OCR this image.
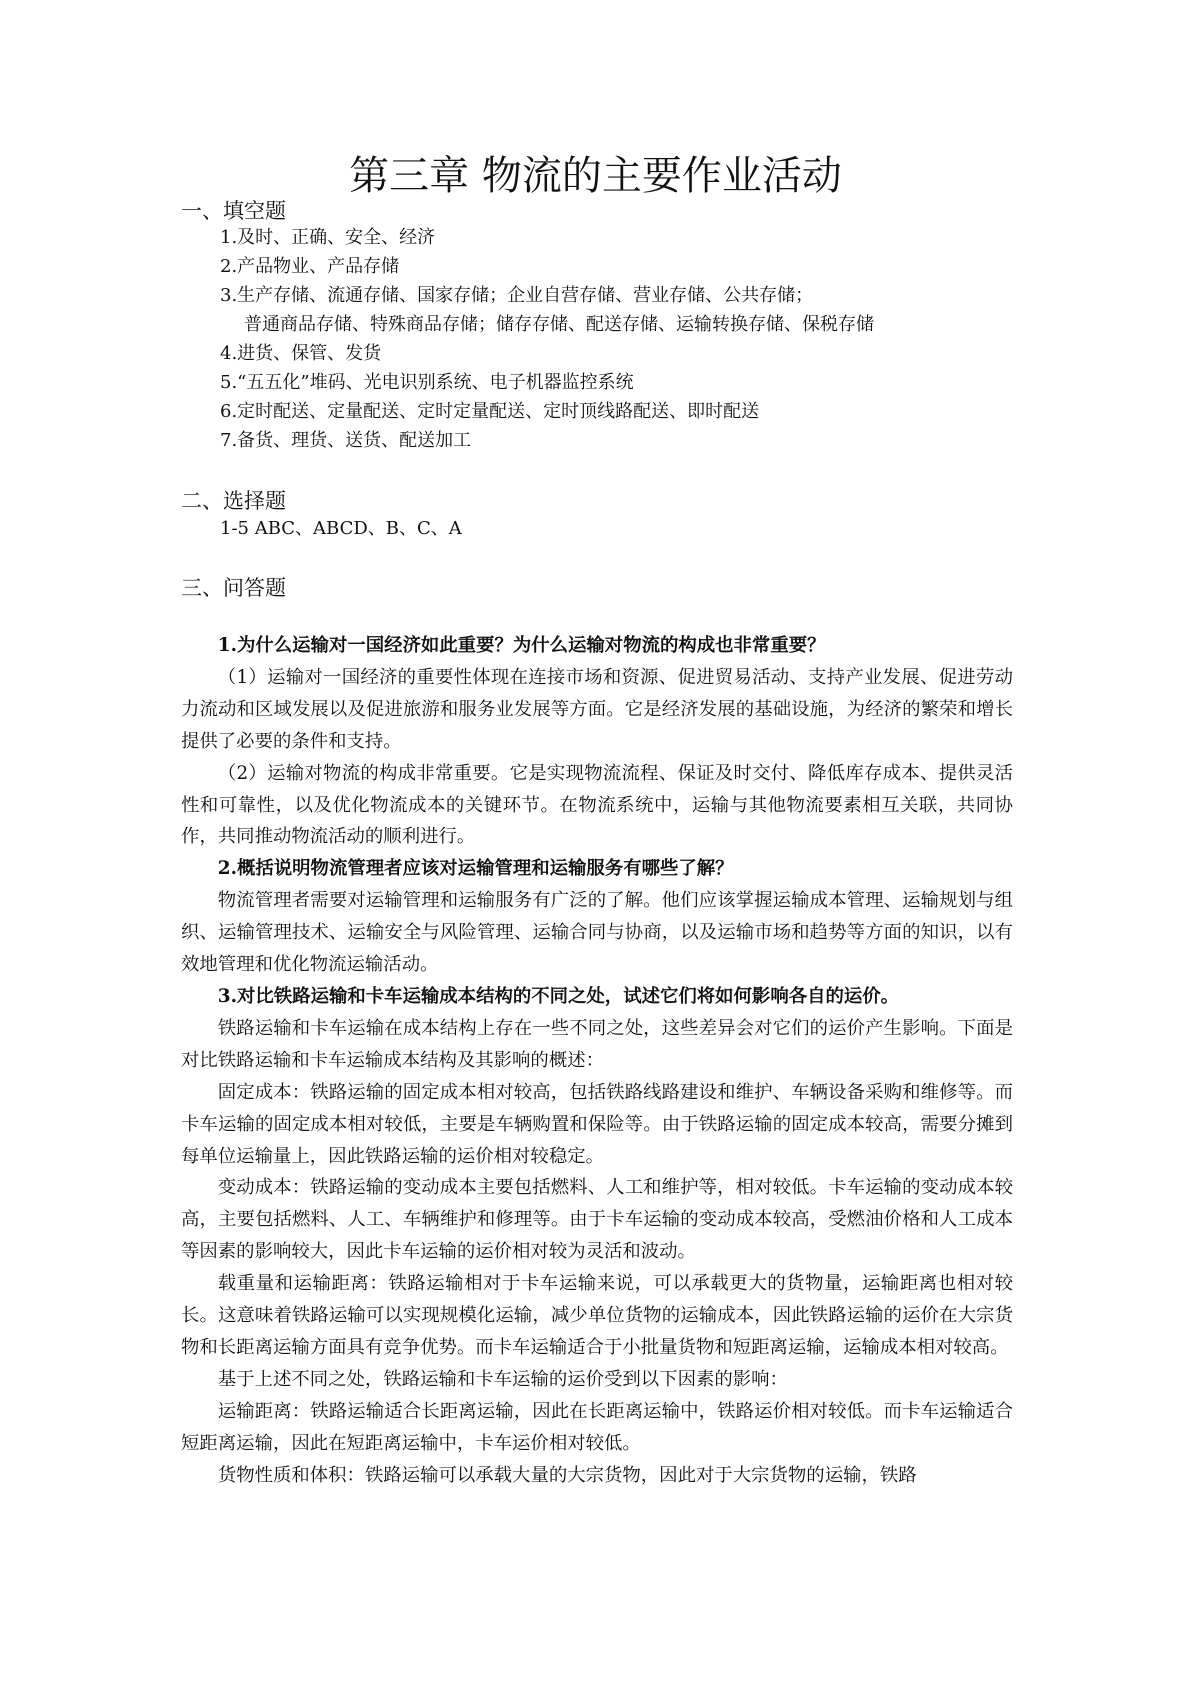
第三章 物流的主要作业活动
一、填空题
1.及时、正确、安全、经济
2.产品物业、产品存储
3.生产存储、流通存储、国家存储；企业自营存储、营业存储、公共存储；
普通商品存储、特殊商品存储；储存存储、配送存储、运输转换存储、保税存储
4.进货、保管、发货
5.“五五化”堆码、光电识别系统、电子机器监控系统
6.定时配送、定量配送、定时定量配送、定时顶线路配送、即时配送
7.备货、理货、送货、配送加工
二、选择题
1-5 ABC、ABCD、B、C、A
三、问答题

1.为什么运输对一国经济如此重要？为什么运输对物流的构成也非常重要？

（1）运输对一国经济的重要性体现在连接市场和资源、促进贸易活动、支持产业发展、促进劳动力流动和区域发展以及促进旅游和服务业发展等方面。它是经济发展的基础设施，为经济的繁荣和增长提供了必要的条件和支持。

（2）运输对物流的构成非常重要。它是实现物流流程、保证及时交付、降低库存成本、提供灵活性和可靠性，以及优化物流成本的关键环节。在物流系统中，运输与其他物流要素相互关联，共同协作，共同推动物流活动的顺利进行。

2.概括说明物流管理者应该对运输管理和运输服务有哪些了解？

物流管理者需要对运输管理和运输服务有广泛的了解。他们应该掌握运输成本管理、运输规划与组织、运输管理技术、运输安全与风险管理、运输合同与协商，以及运输市场和趋势等方面的知识，以有效地管理和优化物流运输活动。

3.对比铁路运输和卡车运输成本结构的不同之处，试述它们将如何影响各自的运价。

铁路运输和卡车运输在成本结构上存在一些不同之处，这些差异会对它们的运价产生影响。下面是对比铁路运输和卡车运输成本结构及其影响的概述：

固定成本：铁路运输的固定成本相对较高，包括铁路线路建设和维护、车辆设备采购和维修等。而卡车运输的固定成本相对较低，主要是车辆购置和保险等。由于铁路运输的固定成本较高，需要分摊到每单位运输量上，因此铁路运输的运价相对较稳定。

变动成本：铁路运输的变动成本主要包括燃料、人工和维护等，相对较低。卡车运输的变动成本较高，主要包括燃料、人工、车辆维护和修理等。由于卡车运输的变动成本较高，受燃油价格和人工成本等因素的影响较大，因此卡车运输的运价相对较为灵活和波动。

载重量和运输距离：铁路运输相对于卡车运输来说，可以承载更大的货物量，运输距离也相对较长。这意味着铁路运输可以实现规模化运输，减少单位货物的运输成本，因此铁路运输的运价在大宗货物和长距离运输方面具有竞争优势。而卡车运输适合于小批量货物和短距离运输，运输成本相对较高。

基于上述不同之处，铁路运输和卡车运输的运价受到以下因素的影响：

运输距离：铁路运输适合长距离运输，因此在长距离运输中，铁路运价相对较低。而卡车运输适合短距离运输，因此在短距离运输中，卡车运价相对较低。

货物性质和体积：铁路运输可以承载大量的大宗货物，因此对于大宗货物的运输，铁路
